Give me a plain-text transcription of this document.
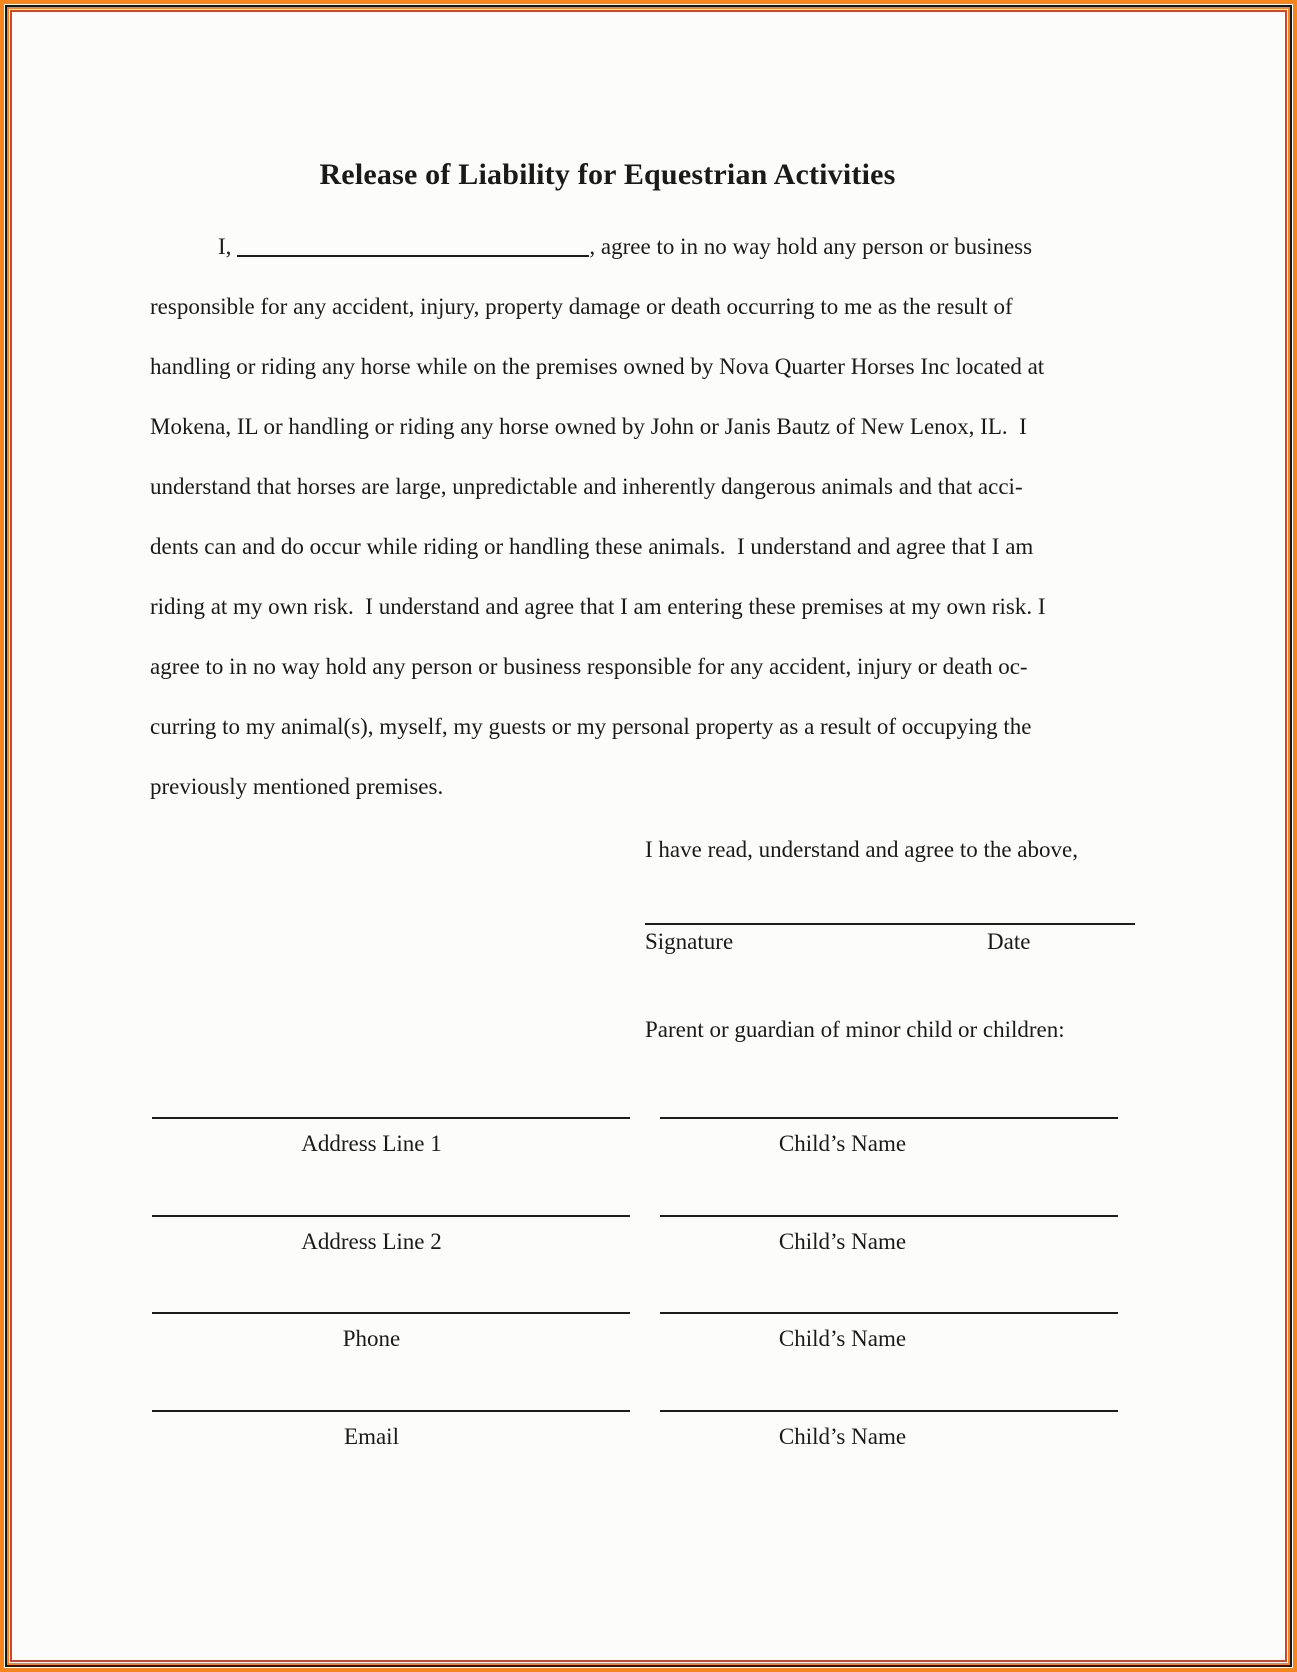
Release of Liability for Equestrian Activities
I,	, agree to in no way hold any person or business
responsible for any accident, injury, property damage or death occurring to me as the result of
handling or riding any horse while on the premises owned by Nova Quarter Horses Inc located at
Mokena, IL or handling or riding any horse owned by John or Janis Bautz of New Lenox, IL.  I
understand that horses are large, unpredictable and inherently dangerous animals and that acci-
dents can and do occur while riding or handling these animals.  I understand and agree that I am
riding at my own risk.  I understand and agree that I am entering these premises at my own risk. I
agree to in no way hold any person or business responsible for any accident, injury or death oc-
curring to my animal(s), myself, my guests or my personal property as a result of occupying the
previously mentioned premises.
I have read, understand and agree to the above,
Signature	Date
Parent or guardian of minor child or children:
Address Line 1	Child’s Name
Address Line 2	Child’s Name
Phone	Child’s Name
Email	Child’s Name
